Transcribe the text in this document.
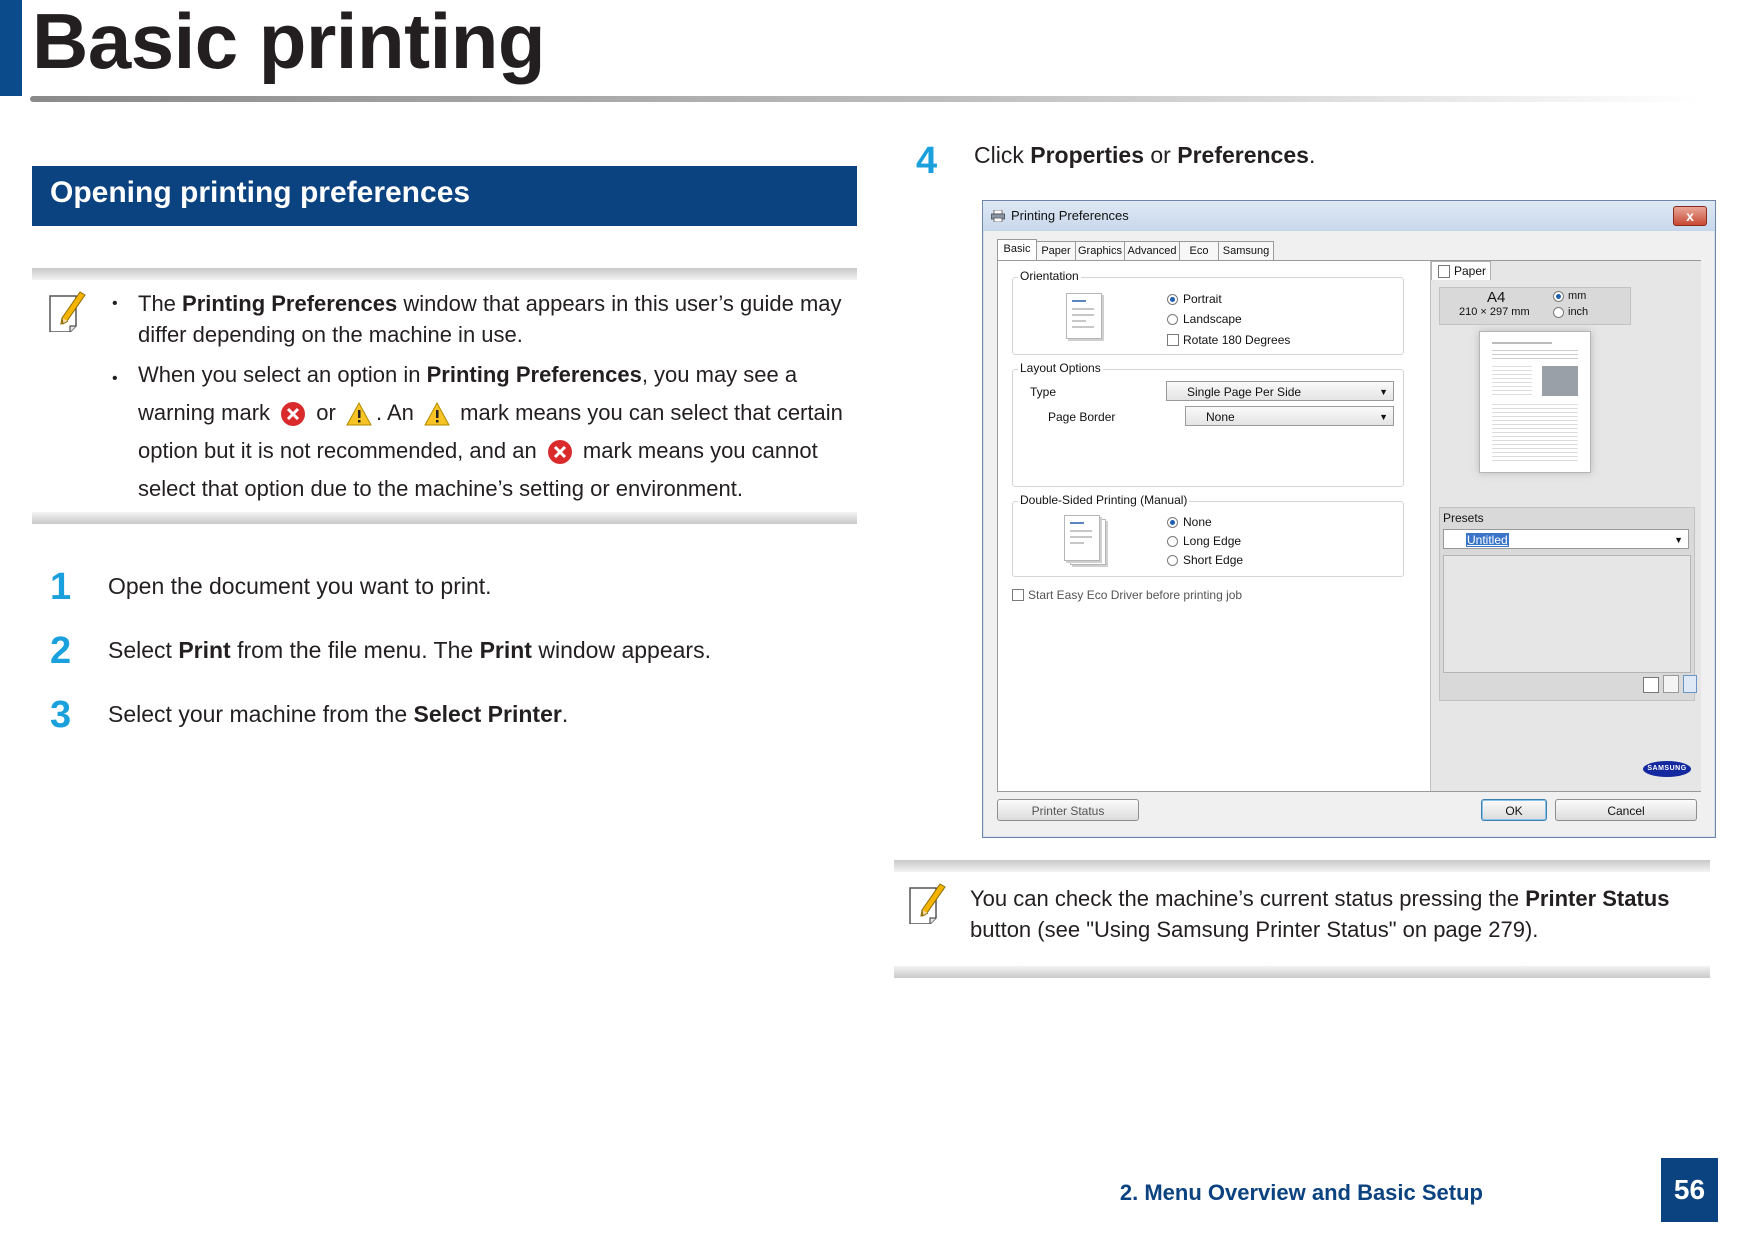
Basic printing
Opening printing preferences
• The Printing Preferences window that appears in this user’s guide may differ depending on the machine in use.
• When you select an option in Printing Preferences, you may see a warning mark  or . An  mark means you can select that certain option but it is not recommended, and an  mark means you cannot select that option due to the machine’s setting or environment.
1 Open the document you want to print.
2 Select Print from the file menu. The Print window appears.
3 Select your machine from the Select Printer.
4 Click Properties or Preferences.
Printing Preferences	x
Basic Paper Graphics Advanced	Eco	Samsung
Orientation
Portrait
Landscape
Rotate 180 Degrees
Layout Options
Type	Single Page Per Side	▼
Page Border	None	▼
Double-Sided Printing (Manual)
None
Long Edge
Short Edge
Start Easy Eco Driver before printing job
Paper
A4
210 × 297 mm
mm
inch
Presets
Untitled	▼
SAMSUNG
Printer Status	OK	Cancel
You can check the machine’s current status pressing the Printer Status button (see "Using Samsung Printer Status" on page 279).
2. Menu Overview and Basic Setup	56
